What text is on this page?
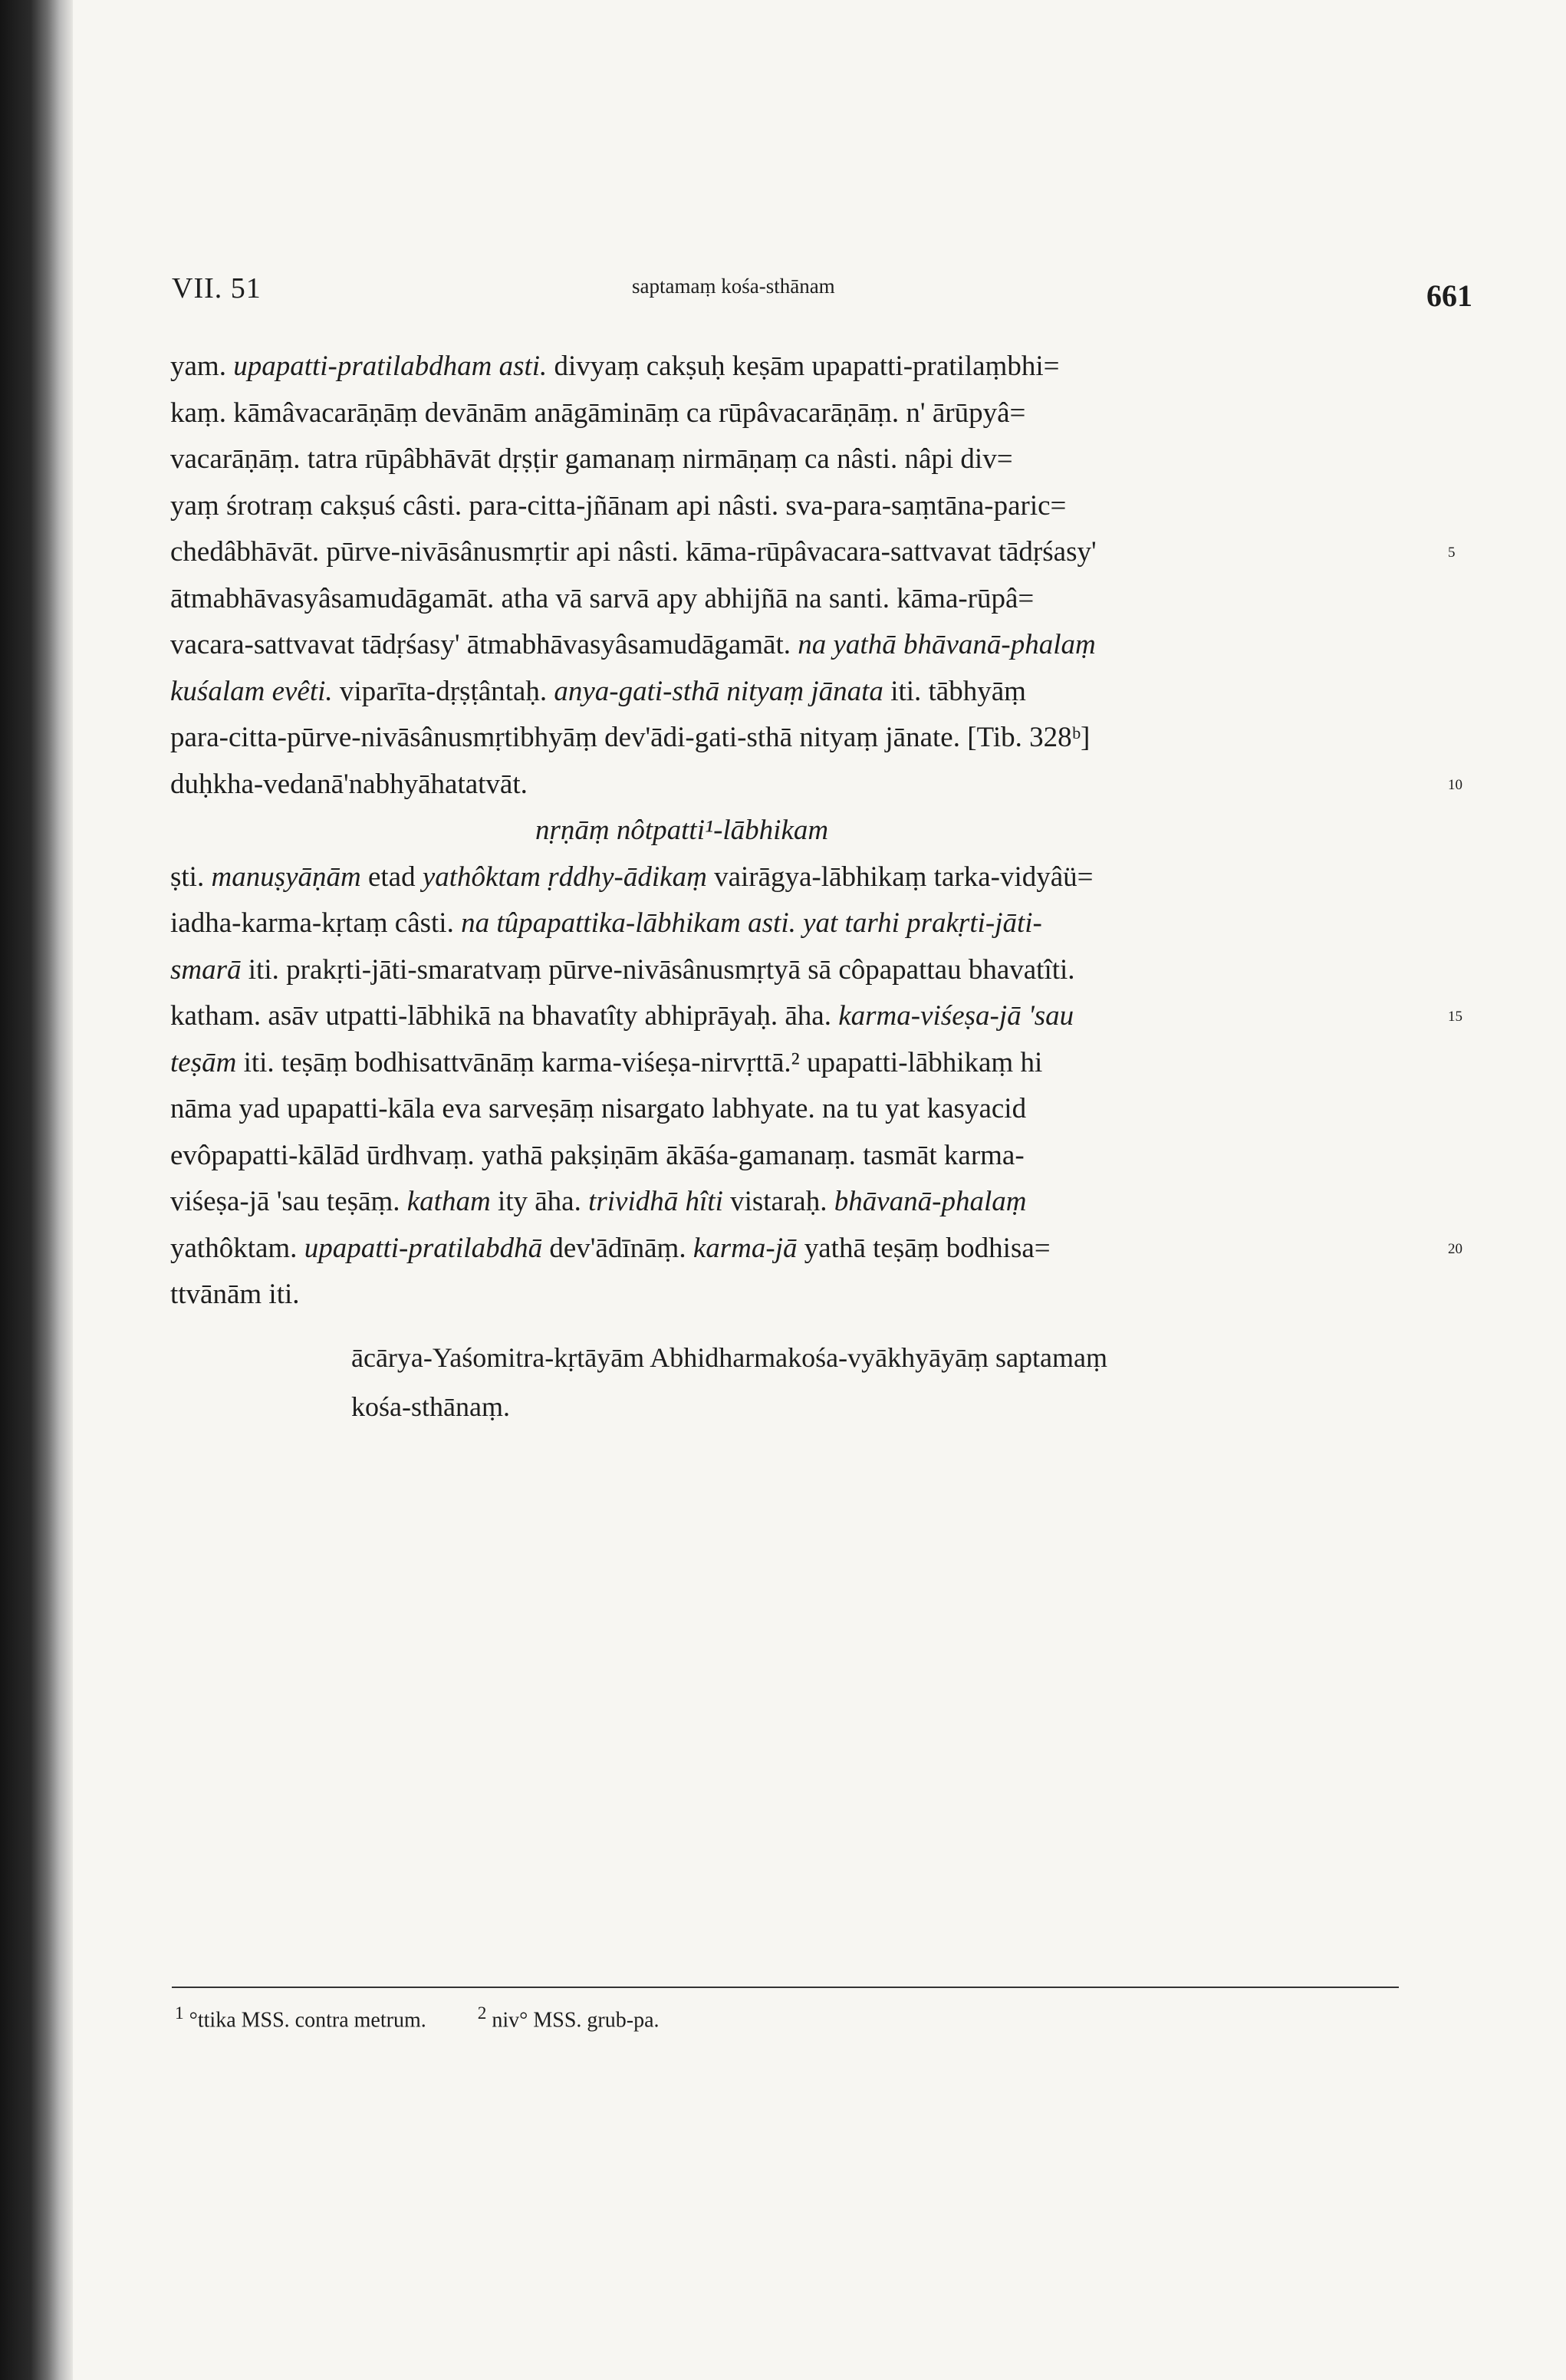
VII. 51	saptamaṃ kośa-sthānam	661
yam. upapatti-pratilabdham asti. divyaṃ cakṣuḥ keṣām upapatti-pratilaṃbhi=
kaṃ. kāmâvacarāṇāṃ devānām anāgāmināṃ ca rūpâvacarāṇāṃ. n' ārūpyâ=
vacarāṇāṃ. tatra rūpâbhāvāt dṛṣṭir gamanaṃ nirmāṇaṃ ca nâsti. nâpi div=
yaṃ śrotraṃ cakṣuś câsti. para-citta-jñānam api nâsti. sva-para-saṃtāna-paric=
chedâbhāvāt. pūrve-nivāsânusmṛtir api nâsti. kāma-rūpâvacara-sattvavat tādṛśasy'
ātmabhāvasyâsamudāgamāt. atha vā sarvā apy abhijñā na santi. kāma-rūpâ=
vacara-sattvavat tādṛśasy' ātmabhāvasyâsamudāgamāt. na yathā bhāvanā-phalaṃ
kuśalam evêti. viparīta-dṛṣṭântaḥ. anya-gati-sthā nityaṃ jānata iti. tābhyāṃ
para-citta-pūrve-nivāsânusmṛtibhyāṃ dev'ādi-gati-sthā nityaṃ jānate. [Tib. 328ᵇ]
duḥkha-vedanā'nabhyāhatatvāt.
nṛṇāṃ nôtpatti¹-lābhikam
ṣti. manuṣyāṇām etad yathôktam ṛddhy-ādikaṃ vairāgya-lābhikaṃ tarka-vidyâü=
iadha-karma-kṛtaṃ câsti. na tûpapattika-lābhikam asti. yat tarhi prakṛti-jāti-
smarā iti. prakṛti-jāti-smaratvaṃ pūrve-nivāsânusmṛtyā sā côpapattau bhavatîti.
katham. asāv utpatti-lābhikā na bhavatîty abhiprāyaḥ. āha. karma-viśeṣa-jā 'sau
teṣām iti. teṣāṃ bodhisattvānāṃ karma-viśeṣa-nirvṛttā.² upapatti-lābhikaṃ hi
nāma yad upapatti-kāla eva sarveṣāṃ nisargato labhyate. na tu yat kasyacid
evôpapatti-kālād ūrdhvaṃ. yathā pakṣiṇām ākāśa-gamanaṃ. tasmāt karma-
viśeṣa-jā 'sau teṣāṃ. katham ity āha. trividhā hîti vistaraḥ. bhāvanā-phalaṃ
yathôktam. upapatti-pratilabdhā dev'ādīnāṃ. karma-jā yathā teṣāṃ bodhisa=
ttvānām iti.
ācārya-Yaśomitra-kṛtāyām Abhidharmakośa-vyākhyāyāṃ saptamaṃ
kośa-sthānaṃ.
$^1$ °ttika MSS. contra metrum.	$^2$ niv° MSS. grub-pa.
5
10
15
20
